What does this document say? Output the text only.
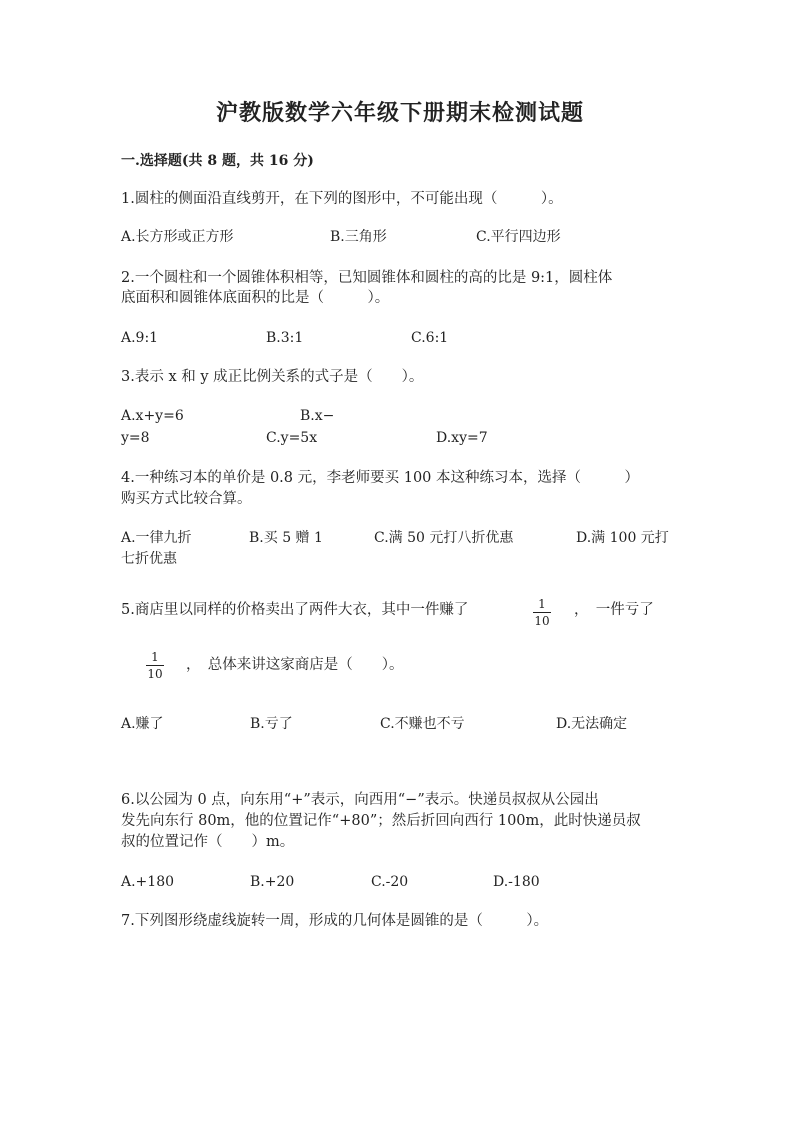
沪教版数学六年级下册期末检测试题
一.选择题(共 8 题，共 16 分)
1.圆柱的侧面沿直线剪开，在下列的图形中，不可能出现（　　　）。
A.长方形或正方形	B.三角形	C.平行四边形
2.一个圆柱和一个圆锥体积相等，已知圆锥体和圆柱的高的比是 9:1，圆柱体
底面积和圆锥体底面积的比是（　　　）。
A.9:1	B.3:1	C.6:1
3.表示 x 和 y 成正比例关系的式子是（　　）。
A.x+y=6	B.x−
y=8	C.y=5x	D.xy=7
4.一种练习本的单价是 0.8 元，李老师要买 100 本这种练习本，选择（　　　）
购买方式比较合算。
A.一律九折	B.买 5 赠 1	C.满 50 元打八折优惠	D.满 100 元打
七折优惠
5.商店里以同样的价格卖出了两件大衣，其中一件赚了	1
10
，　一件亏了
1
10
，　总体来讲这家商店是（　　）。
A.赚了	B.亏了	C.不赚也不亏	D.无法确定
6.以公园为 0 点，向东用“+”表示，向西用“−”表示。快递员叔叔从公园出
发先向东行 80m，他的位置记作“+80”；然后折回向西行 100m，此时快递员叔
叔的位置记作（　　）m。
A.+180	B.+20	C.-20	D.-180
7.下列图形绕虚线旋转一周，形成的几何体是圆锥的是（　　　）。
